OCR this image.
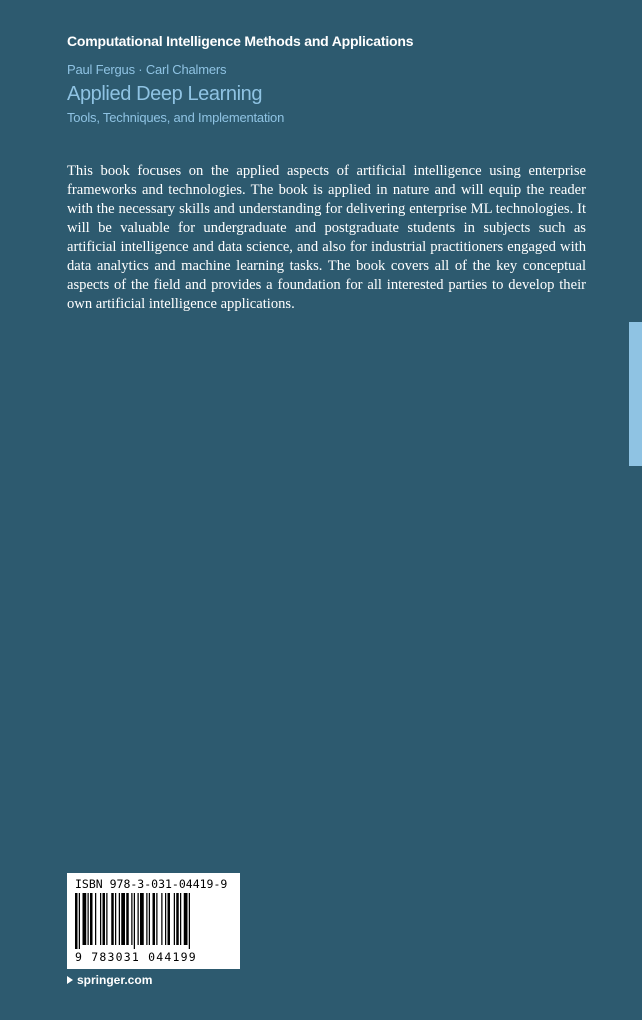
Computational Intelligence Methods and Applications
Paul Fergus · Carl Chalmers
Applied Deep Learning
Tools, Techniques, and Implementation

This book focuses on the applied aspects of artificial intelligence using enterprise frameworks and technologies. The book is applied in nature and will equip the reader with the necessary skills and understanding for delivering enterprise ML technologies. It will be valuable for undergraduate and postgraduate students in subjects such as artificial intelligence and data science, and also for industrial practitioners engaged with data analytics and machine learning tasks. The book covers all of the key conceptual aspects of the field and provides a foundation for all interested parties to develop their own artificial intelligence applications.

ISBN 978-3-031-04419-9
9 783031 044199
springer.com
